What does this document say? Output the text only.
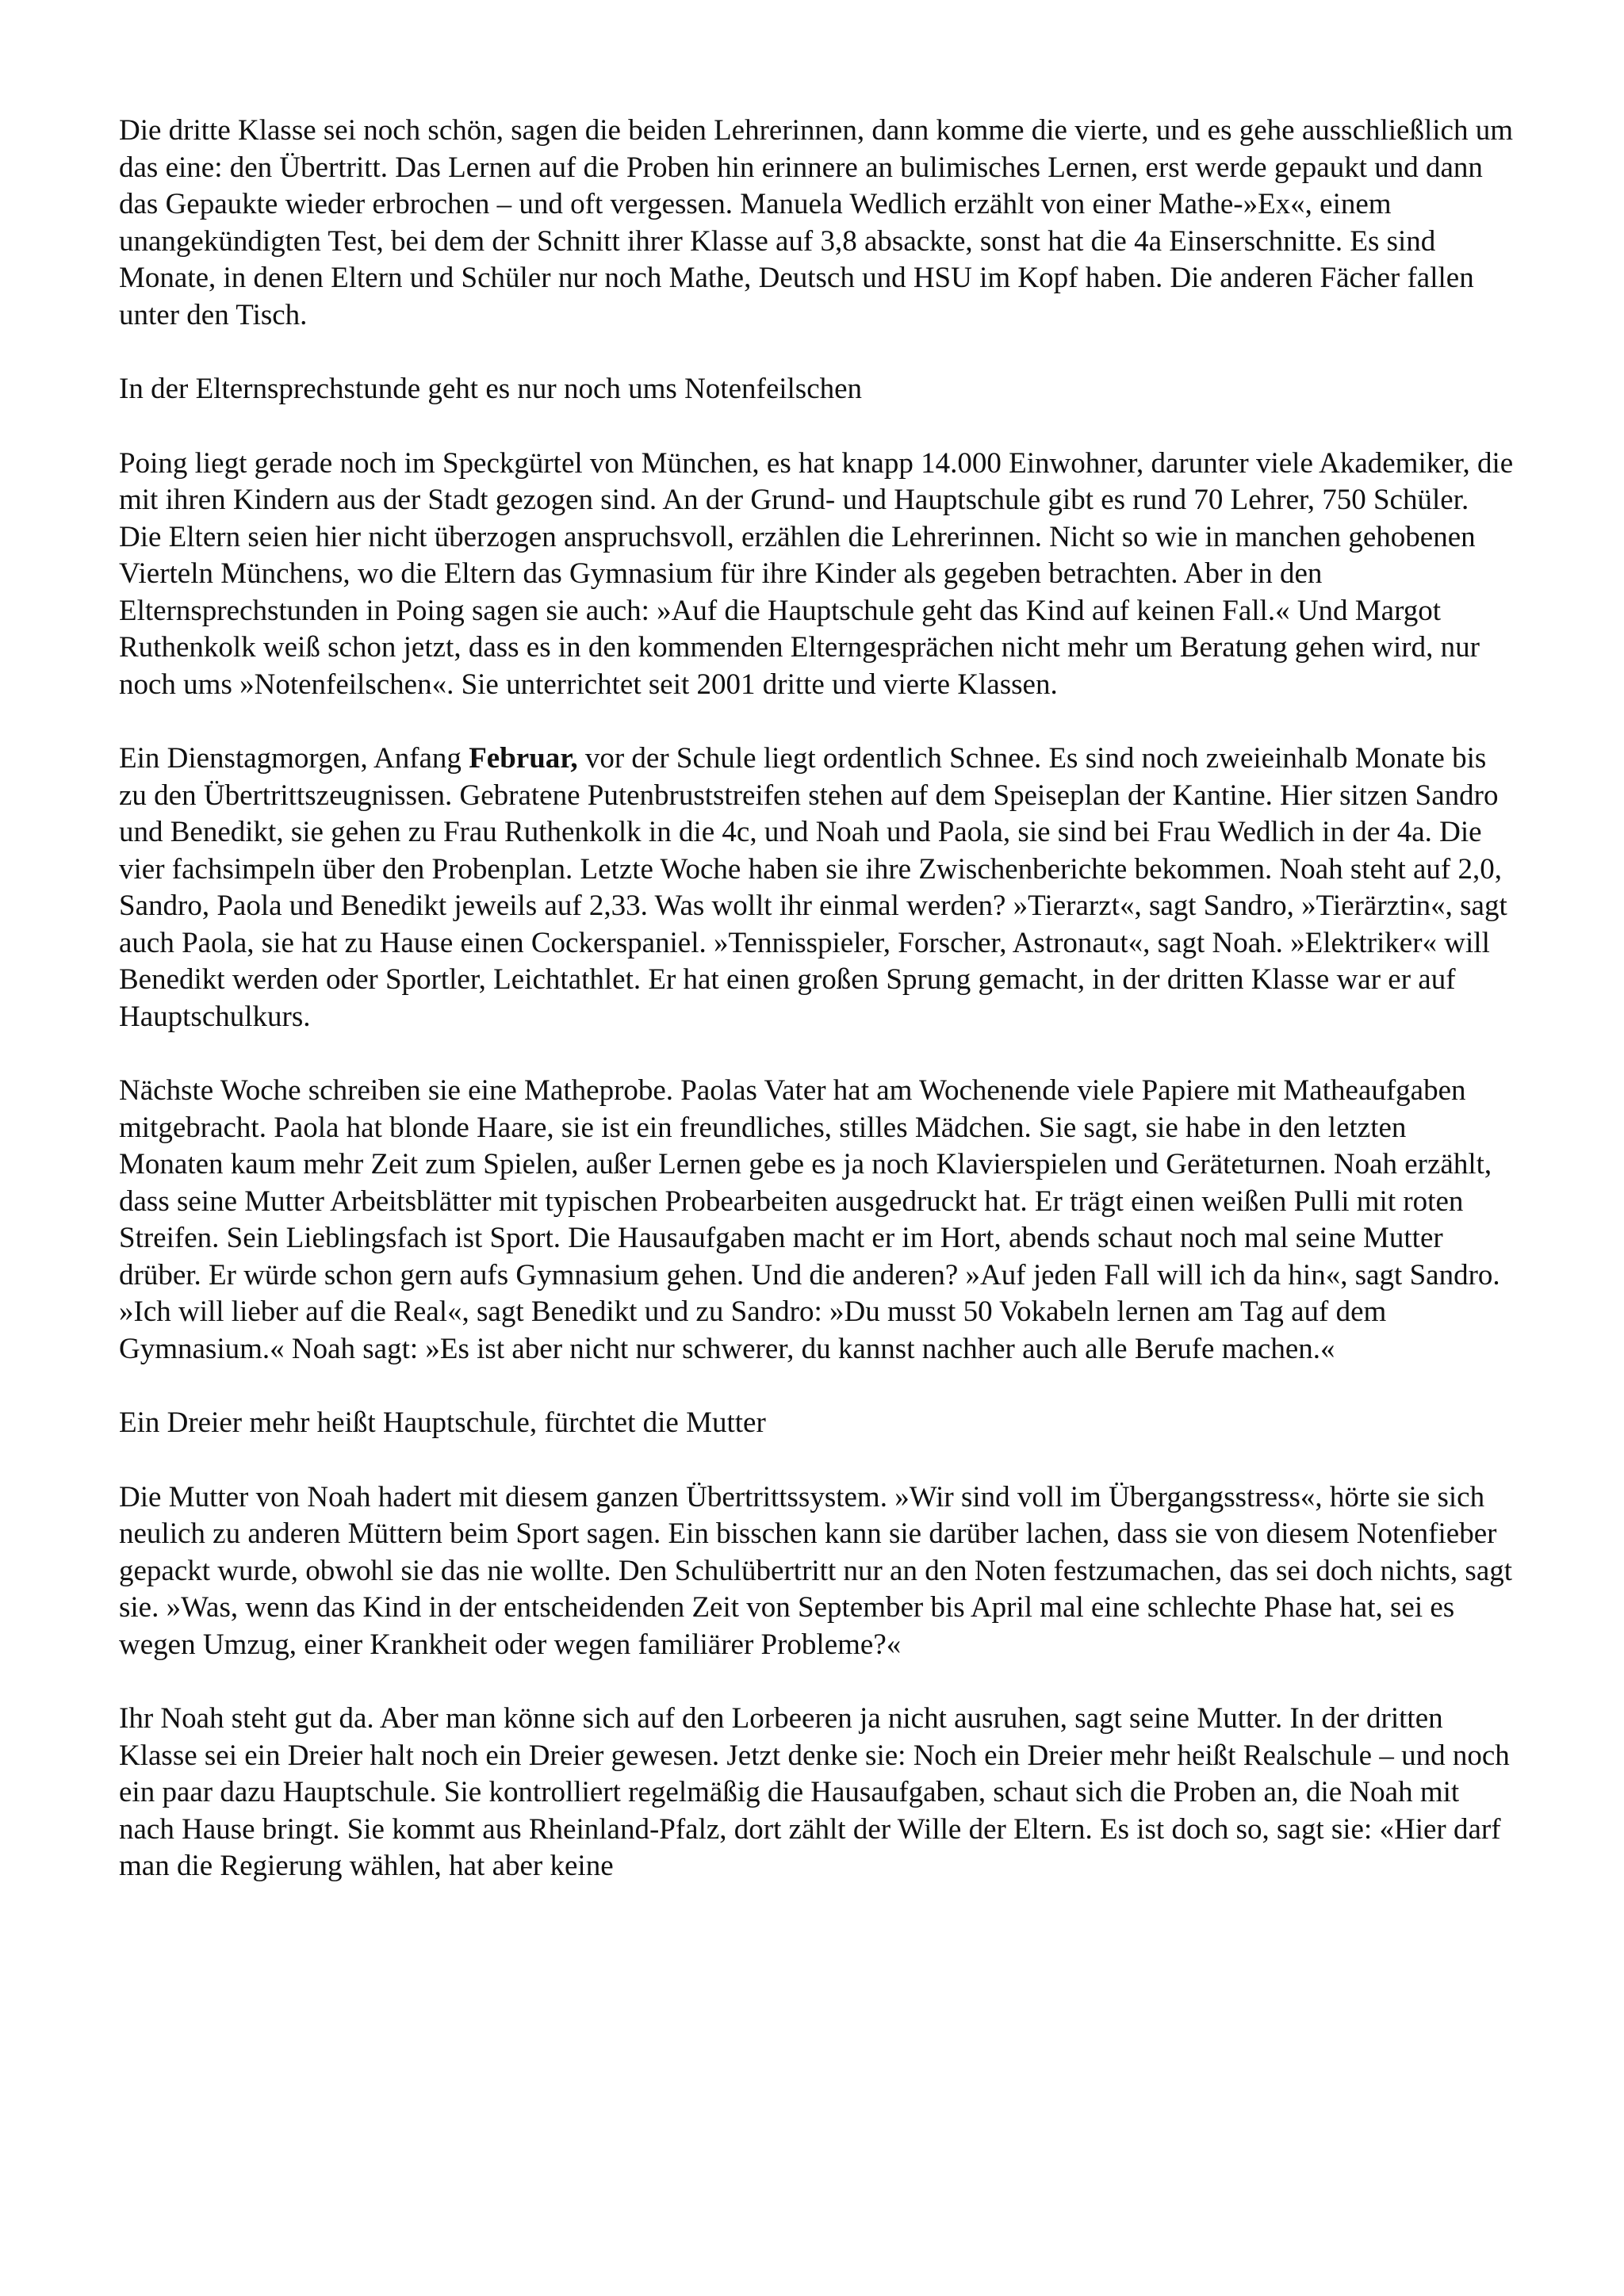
Die dritte Klasse sei noch schön, sagen die beiden Lehrerinnen, dann komme die vierte, und es gehe ausschließlich um das eine: den Übertritt. Das Lernen auf die Proben hin erinnere an bulimisches Lernen, erst werde gepaukt und dann das Gepaukte wieder erbrochen – und oft vergessen. Manuela Wedlich erzählt von einer Mathe-»Ex«, einem unangekündigten Test, bei dem der Schnitt ihrer Klasse auf 3,8 absackte, sonst hat die 4a Einserschnitte. Es sind Monate, in denen Eltern und Schüler nur noch Mathe, Deutsch und HSU im Kopf haben. Die anderen Fächer fallen unter den Tisch.

In der Elternsprechstunde geht es nur noch ums Notenfeilschen

Poing liegt gerade noch im Speckgürtel von München, es hat knapp 14.000 Einwohner, darunter viele Akademiker, die mit ihren Kindern aus der Stadt gezogen sind. An der Grund- und Hauptschule gibt es rund 70 Lehrer, 750 Schüler. Die Eltern seien hier nicht überzogen anspruchsvoll, erzählen die Lehrerinnen. Nicht so wie in manchen gehobenen Vierteln Münchens, wo die Eltern das Gymnasium für ihre Kinder als gegeben betrachten. Aber in den Elternsprechstunden in Poing sagen sie auch: »Auf die Hauptschule geht das Kind auf keinen Fall.« Und Margot Ruthenkolk weiß schon jetzt, dass es in den kommenden Elterngesprächen nicht mehr um Beratung gehen wird, nur noch ums »Notenfeilschen«. Sie unterrichtet seit 2001 dritte und vierte Klassen.

Ein Dienstagmorgen, Anfang Februar, vor der Schule liegt ordentlich Schnee. Es sind noch zweieinhalb Monate bis zu den Übertrittszeugnissen. Gebratene Putenbruststreifen stehen auf dem Speiseplan der Kantine. Hier sitzen Sandro und Benedikt, sie gehen zu Frau Ruthenkolk in die 4c, und Noah und Paola, sie sind bei Frau Wedlich in der 4a. Die vier fachsimpeln über den Probenplan. Letzte Woche haben sie ihre Zwischenberichte bekommen. Noah steht auf 2,0, Sandro, Paola und Benedikt jeweils auf 2,33. Was wollt ihr einmal werden? »Tierarzt«, sagt Sandro, »Tierärztin«, sagt auch Paola, sie hat zu Hause einen Cockerspaniel. »Tennisspieler, Forscher, Astronaut«, sagt Noah. »Elektriker« will Benedikt werden oder Sportler, Leichtathlet. Er hat einen großen Sprung gemacht, in der dritten Klasse war er auf Hauptschulkurs.

Nächste Woche schreiben sie eine Matheprobe. Paolas Vater hat am Wochenende viele Papiere mit Matheaufgaben mitgebracht. Paola hat blonde Haare, sie ist ein freundliches, stilles Mädchen. Sie sagt, sie habe in den letzten Monaten kaum mehr Zeit zum Spielen, außer Lernen gebe es ja noch Klavierspielen und Geräteturnen. Noah erzählt, dass seine Mutter Arbeitsblätter mit typischen Probearbeiten ausgedruckt hat. Er trägt einen weißen Pulli mit roten Streifen. Sein Lieblingsfach ist Sport. Die Hausaufgaben macht er im Hort, abends schaut noch mal seine Mutter drüber. Er würde schon gern aufs Gymnasium gehen. Und die anderen? »Auf jeden Fall will ich da hin«, sagt Sandro. »Ich will lieber auf die Real«, sagt Benedikt und zu Sandro: »Du musst 50 Vokabeln lernen am Tag auf dem Gymnasium.« Noah sagt: »Es ist aber nicht nur schwerer, du kannst nachher auch alle Berufe machen.«

Ein Dreier mehr heißt Hauptschule, fürchtet die Mutter

Die Mutter von Noah hadert mit diesem ganzen Übertrittssystem. »Wir sind voll im Übergangsstress«, hörte sie sich neulich zu anderen Müttern beim Sport sagen. Ein bisschen kann sie darüber lachen, dass sie von diesem Notenfieber gepackt wurde, obwohl sie das nie wollte. Den Schulübertritt nur an den Noten festzumachen, das sei doch nichts, sagt sie. »Was, wenn das Kind in der entscheidenden Zeit von September bis April mal eine schlechte Phase hat, sei es wegen Umzug, einer Krankheit oder wegen familiärer Probleme?«

Ihr Noah steht gut da. Aber man könne sich auf den Lorbeeren ja nicht ausruhen, sagt seine Mutter. In der dritten Klasse sei ein Dreier halt noch ein Dreier gewesen. Jetzt denke sie: Noch ein Dreier mehr heißt Realschule – und noch ein paar dazu Hauptschule. Sie kontrolliert regelmäßig die Hausaufgaben, schaut sich die Proben an, die Noah mit nach Hause bringt. Sie kommt aus Rheinland-Pfalz, dort zählt der Wille der Eltern. Es ist doch so, sagt sie: «Hier darf man die Regierung wählen, hat aber keine
